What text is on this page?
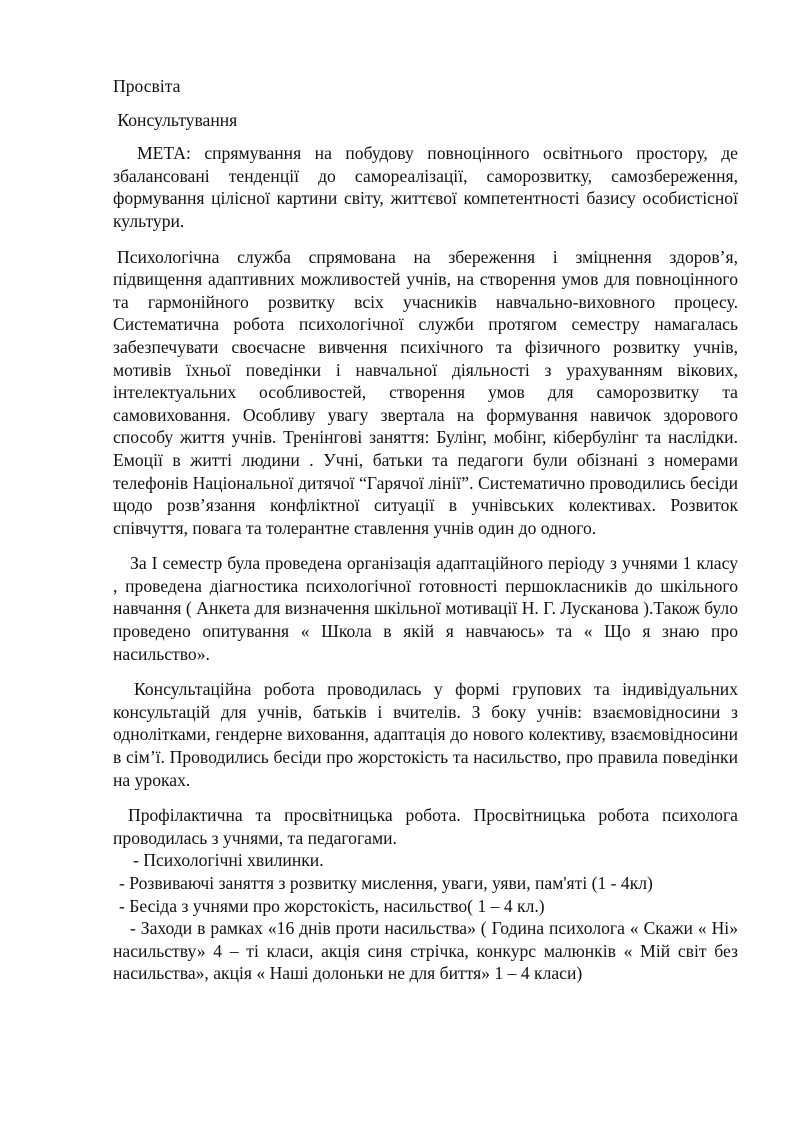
Просвіта

Консультування

МЕТА: спрямування на побудову повноцінного освітнього простору, де збалансовані тенденції до самореалізації, саморозвитку, самозбереження, формування цілісної картини світу, життєвої компетентності базису особистісної культури.

Психологічна служба спрямована на збереження і зміцнення здоров’я, підвищення адаптивних можливостей учнів, на створення умов для повноцінного та гармонійного розвитку всіх учасників навчально-виховного процесу. Систематична робота психологічної служби протягом семестру намагалась забезпечувати своєчасне вивчення психічного та фізичного розвитку учнів, мотивів їхньої поведінки і навчальної діяльності з урахуванням вікових, інтелектуальних особливостей, створення умов для саморозвитку та самовиховання. Особливу увагу звертала на формування навичок здорового способу життя учнів. Тренінгові заняття: Булінг, мобінг, кібербулінг та наслідки. Емоції в житті людини . Учні, батьки та педагоги були обізнані з номерами телефонів Національної дитячої “Гарячої лінії”. Систематично проводились бесіди щодо розв’язання конфліктної ситуації в учнівських колективах. Розвиток співчуття, повага та толерантне ставлення учнів один до одного.

За I семестр була проведена організація адаптаційного періоду з учнями 1 класу , проведена діагностика психологічної готовності першокласників до шкільного навчання ( Анкета для визначення шкільної мотивації Н. Г. Лусканова ).Також було проведено опитування « Школа в якій я навчаюсь» та « Що я знаю про насильство».

Консультаційна робота проводилась у формі групових та індивідуальних консультацій для учнів, батьків і вчителів. З боку учнів: взаємовідносини з однолітками, гендерне виховання, адаптація до нового колективу, взаємовідносини в сім’ї. Проводились бесіди про жорстокість та насильство, про правила поведінки на уроках.

Профілактична та просвітницька робота. Просвітницька робота психолога проводилась з учнями, та педагогами.

- Психологічні хвилинки.

- Розвиваючі заняття з розвитку мислення, уваги, уяви, пам'яті (1 - 4кл)

- Бесіда з учнями про жорстокість, насильство( 1 – 4 кл.)

- Заходи в рамках «16 днів проти насильства» ( Година психолога « Скажи « Ні» насильству» 4 – ті класи, акція синя стрічка, конкурс малюнків « Мій світ без насильства», акція « Наші долоньки не для биття» 1 – 4 класи)
